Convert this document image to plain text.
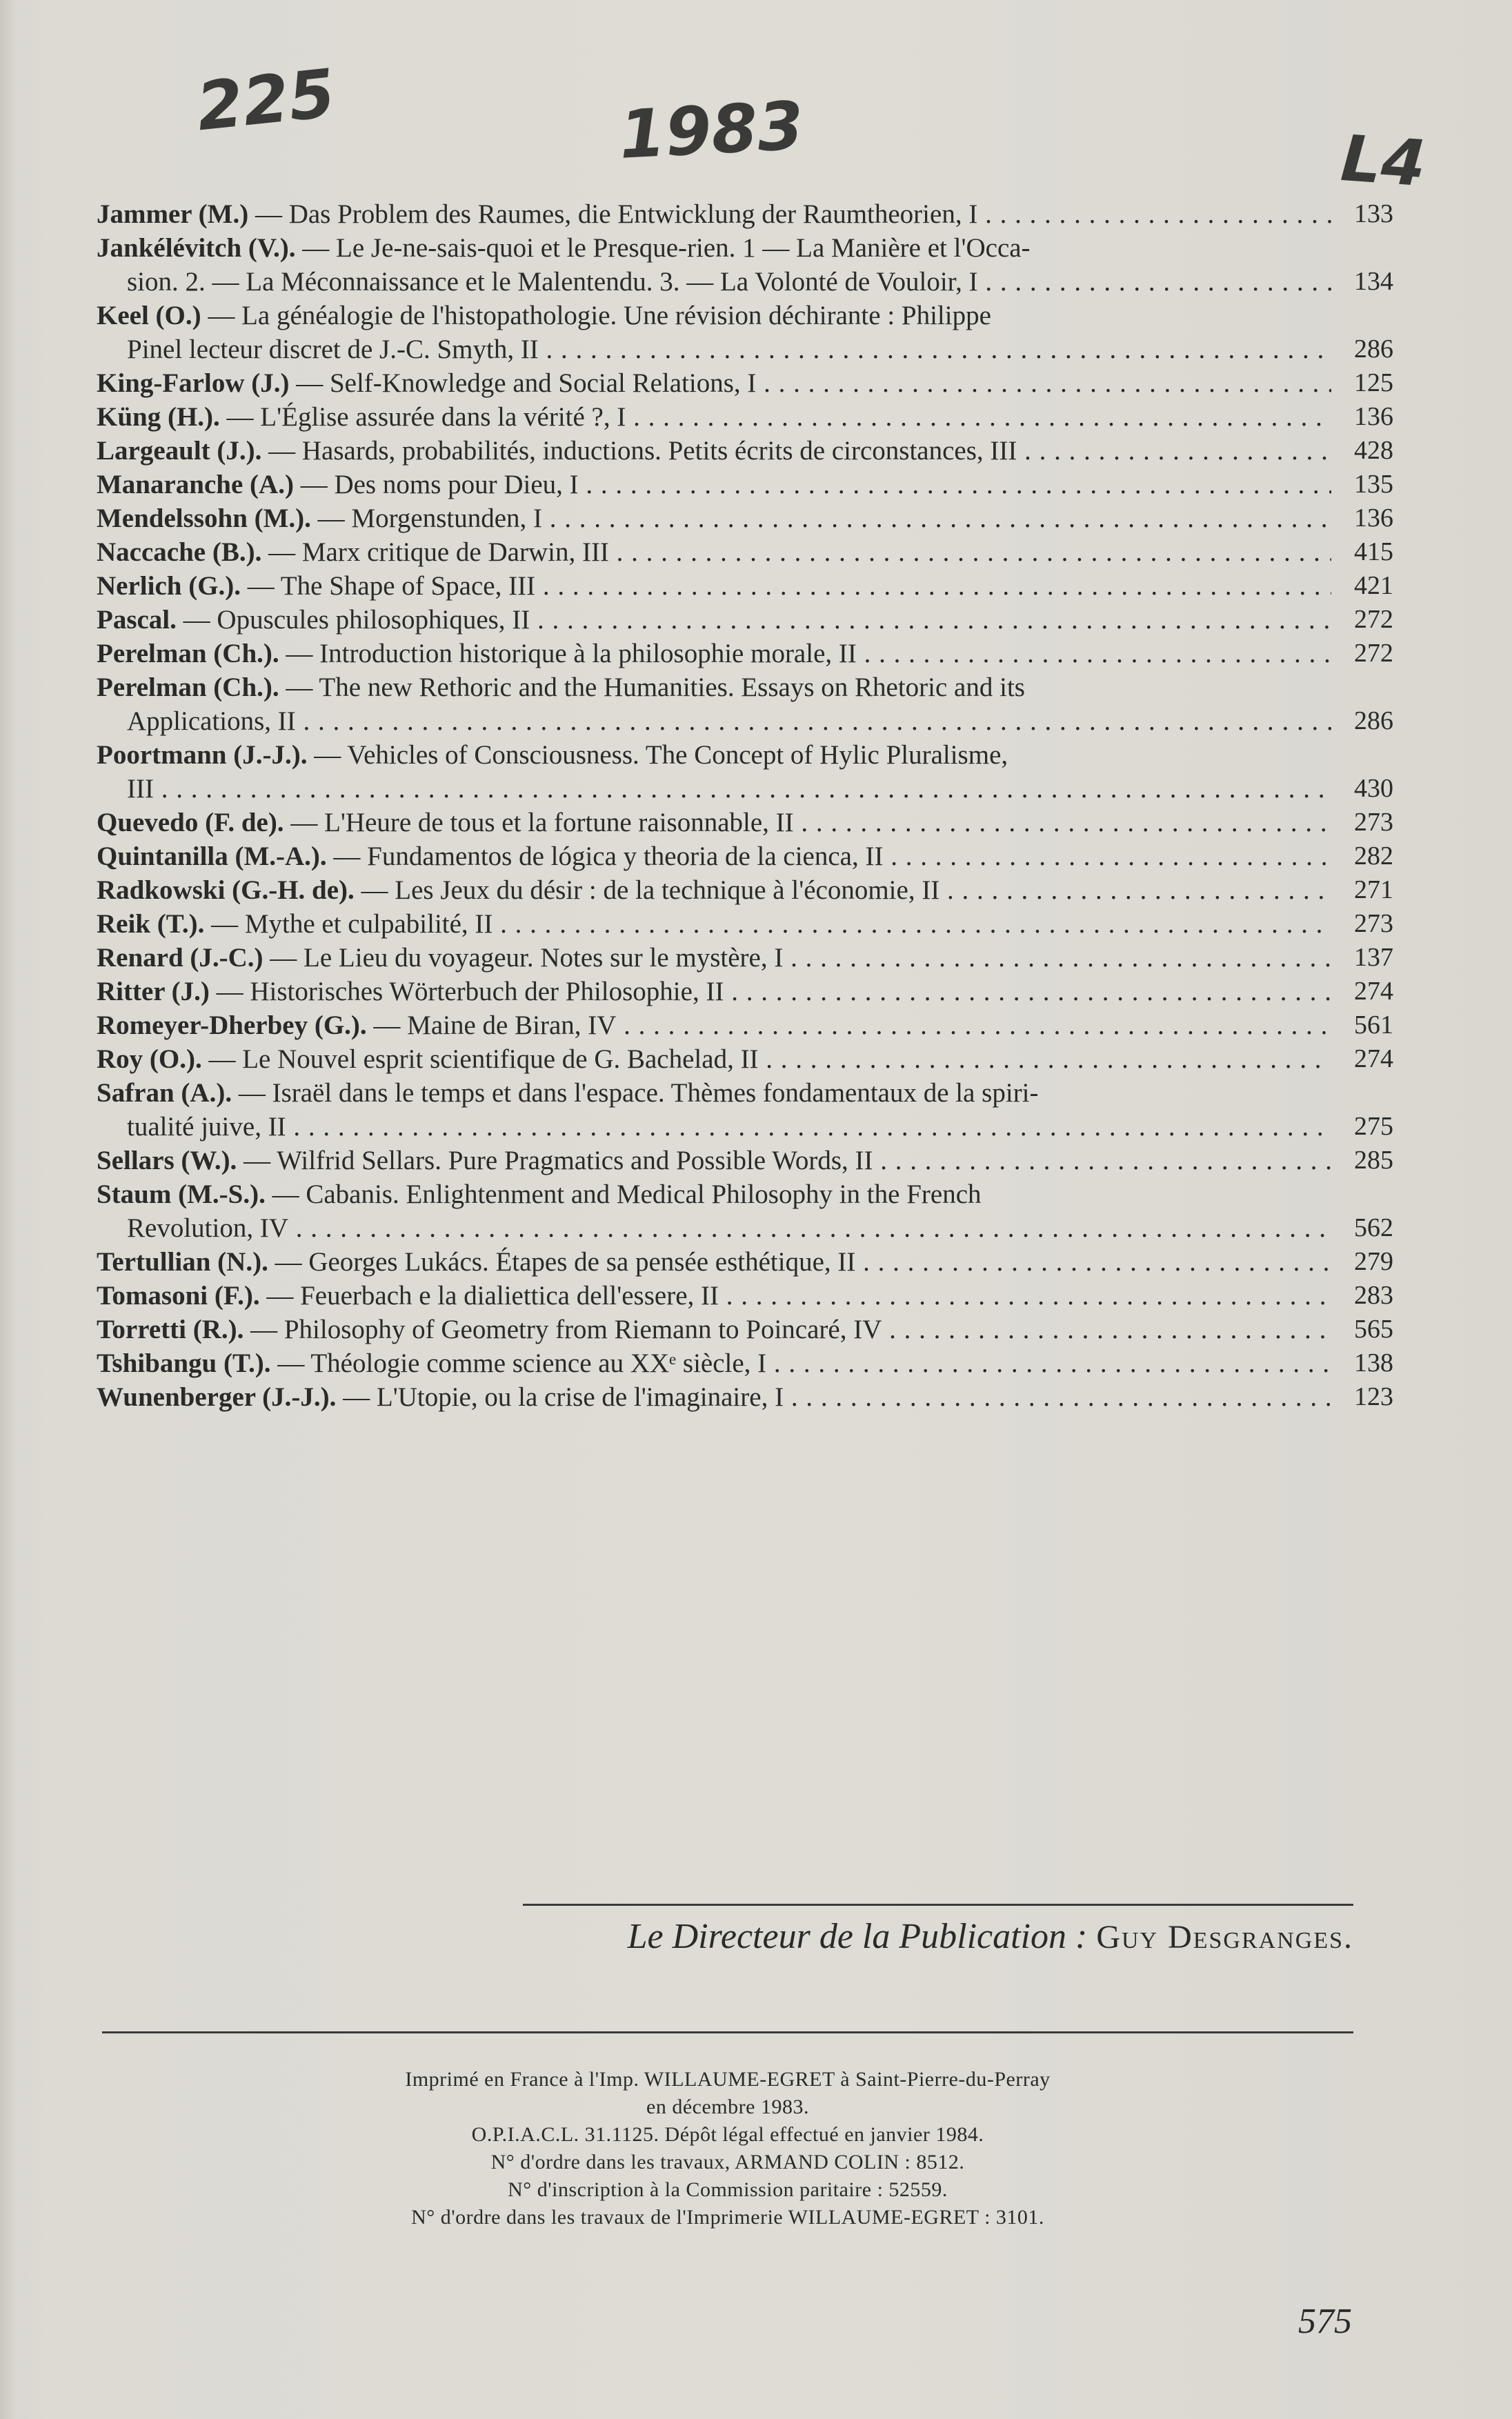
225	1983	L4
Jammer (M.) — Das Problem des Raumes, die Entwicklung der Raumtheorien, I . . .	133
Jankélévitch (V.). — Le Je-ne-sais-quoi et le Presque-rien. 1 — La Manière et l'Occa-
sion. 2. — La Méconnaissance et le Malentendu. 3. — La Volonté de Vouloir, I . . .	134
Keel (O.) — La généalogie de l'histopathologie. Une révision déchirante : Philippe
Pinel lecteur discret de J.-C. Smyth, II . . .	286
King-Farlow (J.) — Self-Knowledge and Social Relations, I . . .	125
Küng (H.). — L'Église assurée dans la vérité ?, I . . .	136
Largeault (J.). — Hasards, probabilités, inductions. Petits écrits de circonstances, III . . .	428
Manaranche (A.) — Des noms pour Dieu, I . . .	135
Mendelssohn (M.). — Morgenstunden, I . . .	136
Naccache (B.). — Marx critique de Darwin, III . . .	415
Nerlich (G.). — The Shape of Space, III . . .	421
Pascal. — Opuscules philosophiques, II . . .	272
Perelman (Ch.). — Introduction historique à la philosophie morale, II . . .	272
Perelman (Ch.). — The new Rethoric and the Humanities. Essays on Rhetoric and its
Applications, II . . .	286
Poortmann (J.-J.). — Vehicles of Consciousness. The Concept of Hylic Pluralisme,
III . . .	430
Quevedo (F. de). — L'Heure de tous et la fortune raisonnable, II . . .	273
Quintanilla (M.-A.). — Fundamentos de lógica y theoria de la cienca, II . . .	282
Radkowski (G.-H. de). — Les Jeux du désir : de la technique à l'économie, II . . .	271
Reik (T.). — Mythe et culpabilité, II . . .	273
Renard (J.-C.) — Le Lieu du voyageur. Notes sur le mystère, I . . .	137
Ritter (J.) — Historisches Wörterbuch der Philosophie, II . . .	274
Romeyer-Dherbey (G.). — Maine de Biran, IV . . .	561
Roy (O.). — Le Nouvel esprit scientifique de G. Bachelad, II . . .	274
Safran (A.). — Israël dans le temps et dans l'espace. Thèmes fondamentaux de la spiri-
tualité juive, II . . .	275
Sellars (W.). — Wilfrid Sellars. Pure Pragmatics and Possible Words, II . . .	285
Staum (M.-S.). — Cabanis. Enlightenment and Medical Philosophy in the French
Revolution, IV . . .	562
Tertullian (N.). — Georges Lukács. Étapes de sa pensée esthétique, II . . .	279
Tomasoni (F.). — Feuerbach e la dialiettica dell'essere, II . . .	283
Torretti (R.). — Philosophy of Geometry from Riemann to Poincaré, IV . . .	565
Tshibangu (T.). — Théologie comme science au XXᵉ siècle, I . . .	138
Wunenberger (J.-J.). — L'Utopie, ou la crise de l'imaginaire, I . . .	123
Le Directeur de la Publication : Guy Desgranges.
Imprimé en France à l'Imp. WILLAUME-EGRET à Saint-Pierre-du-Perray
en décembre 1983.
O.P.I.A.C.L. 31.1125. Dépôt légal effectué en janvier 1984.
N° d'ordre dans les travaux, ARMAND COLIN : 8512.
N° d'inscription à la Commission paritaire : 52559.
N° d'ordre dans les travaux de l'Imprimerie WILLAUME-EGRET : 3101.
575
